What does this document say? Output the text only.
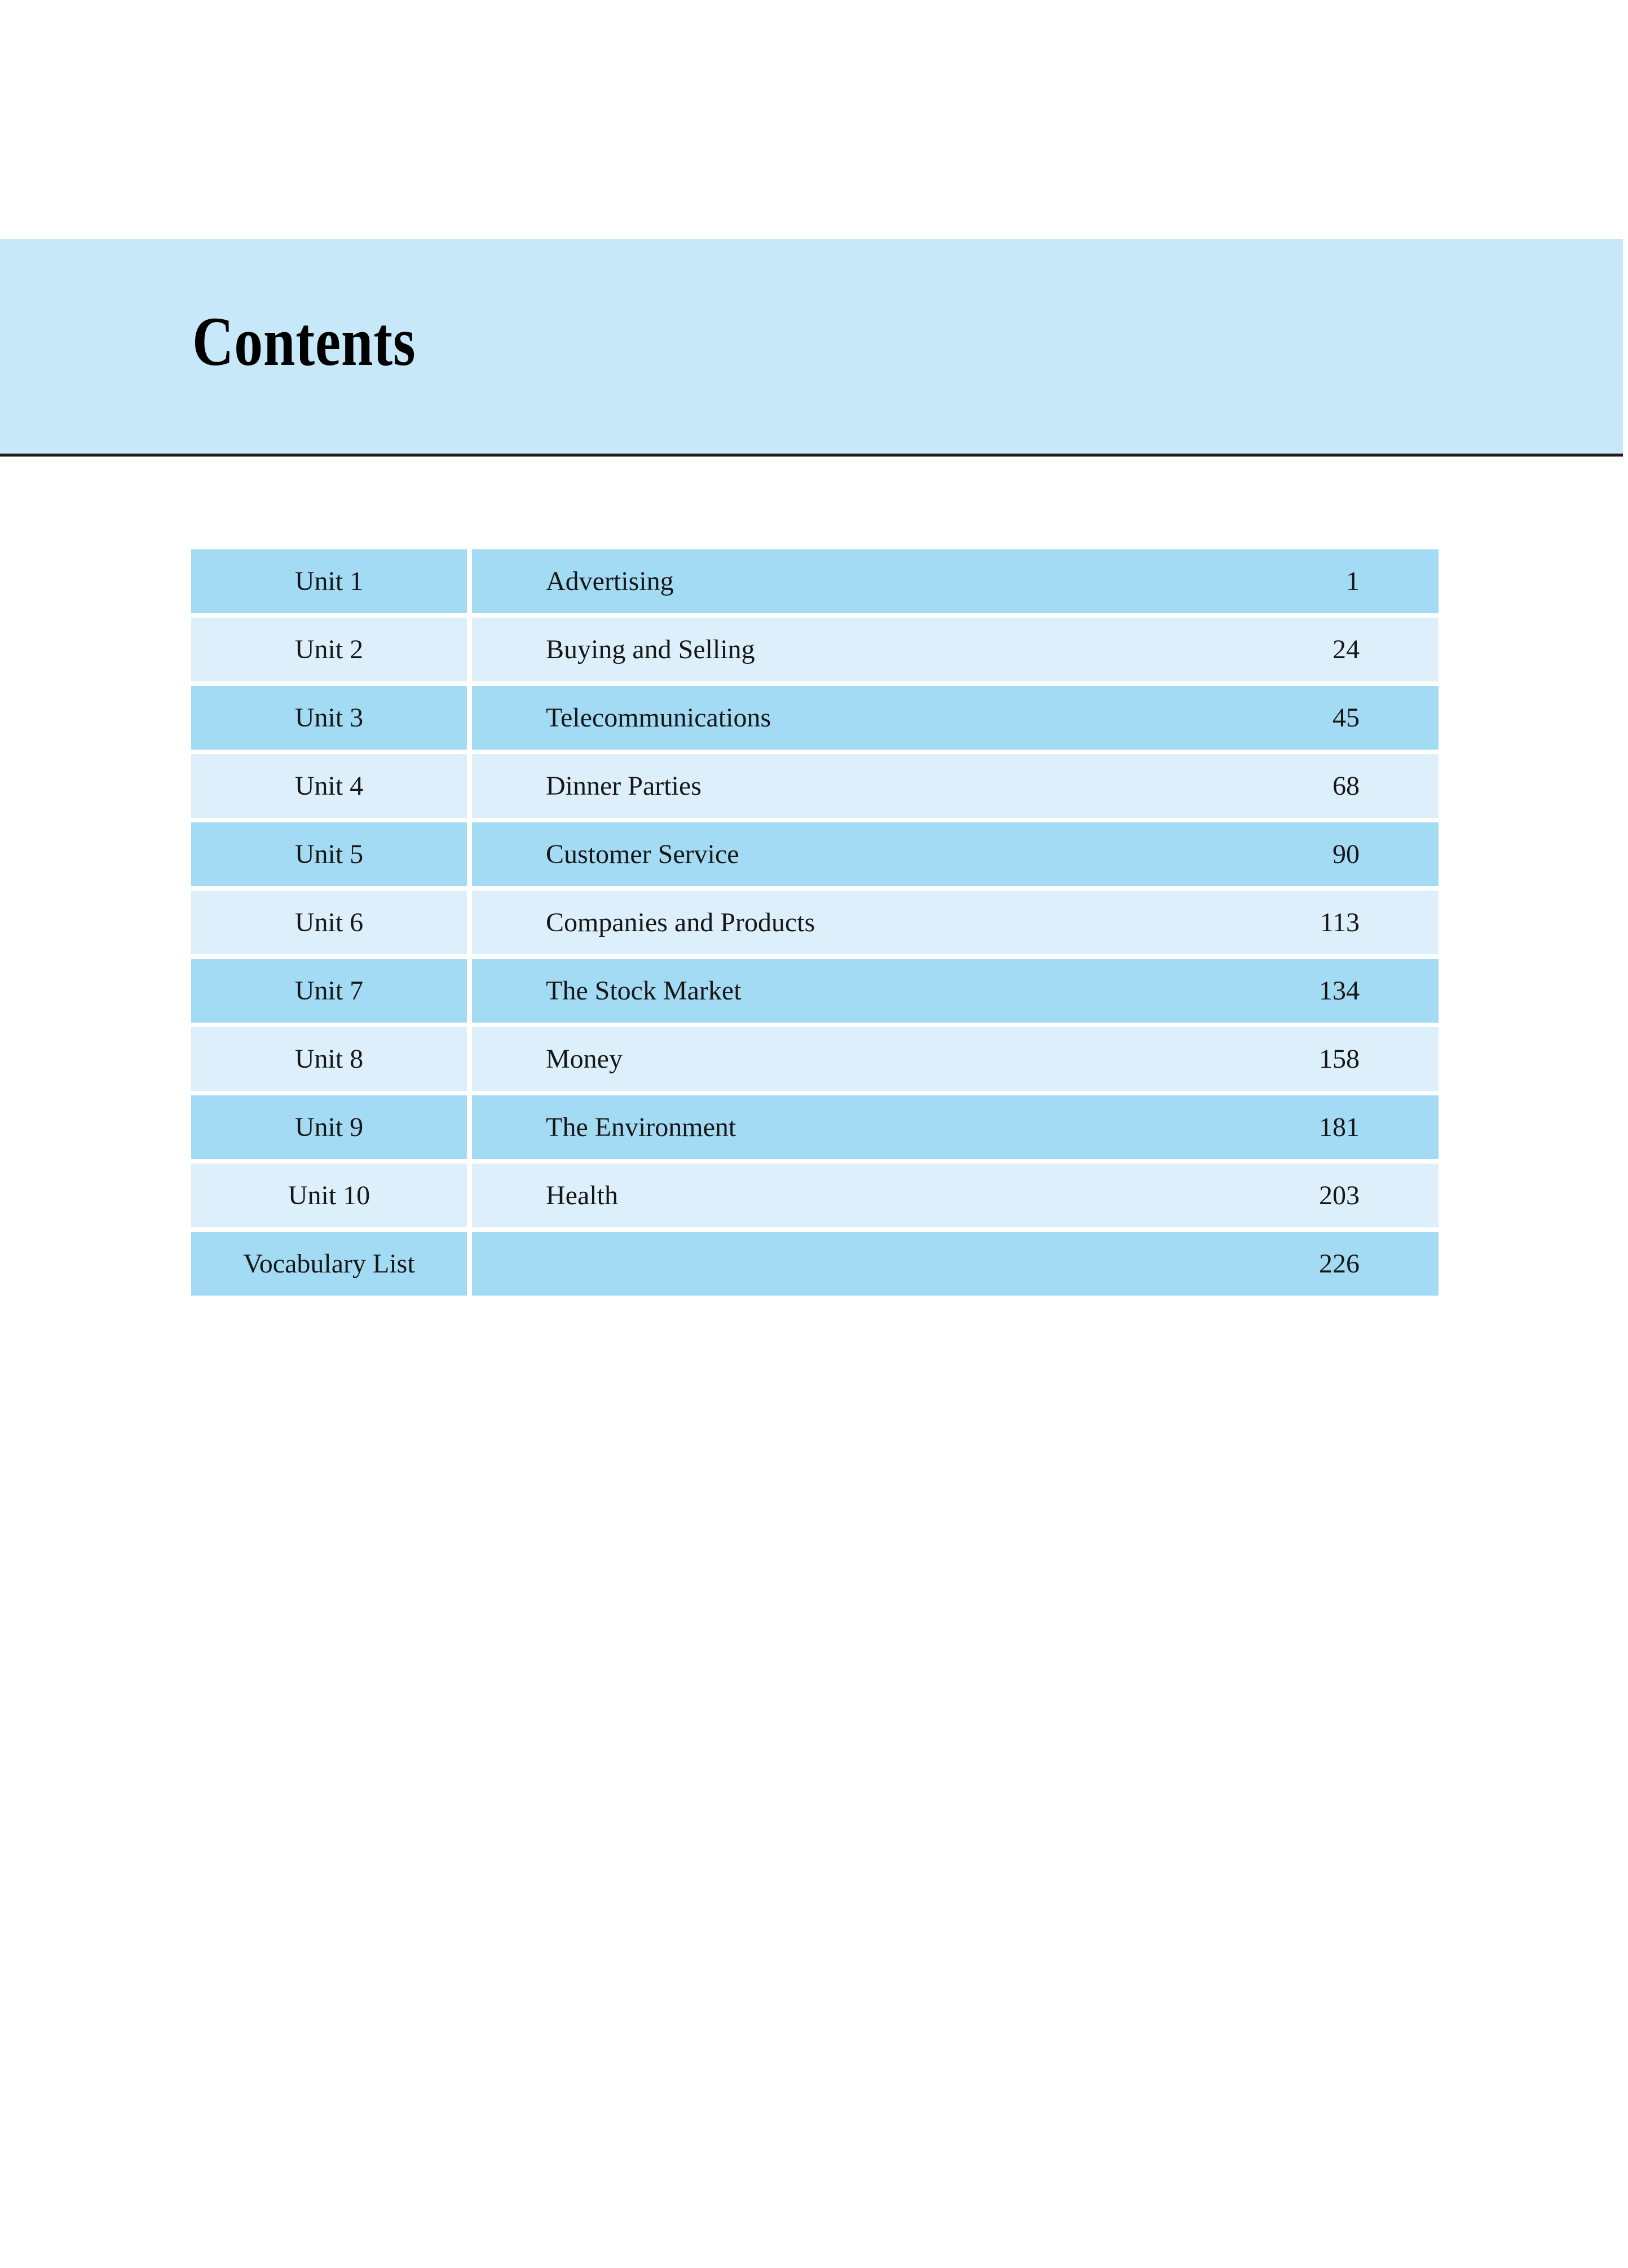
Contents
Unit 1	Advertising	1
Unit 2	Buying and Selling	24
Unit 3	Telecommunications	45
Unit 4	Dinner Parties	68
Unit 5	Customer Service	90
Unit 6	Companies and Products	113
Unit 7	The Stock Market	134
Unit 8	Money	158
Unit 9	The Environment	181
Unit 10	Health	203
Vocabulary List	226
